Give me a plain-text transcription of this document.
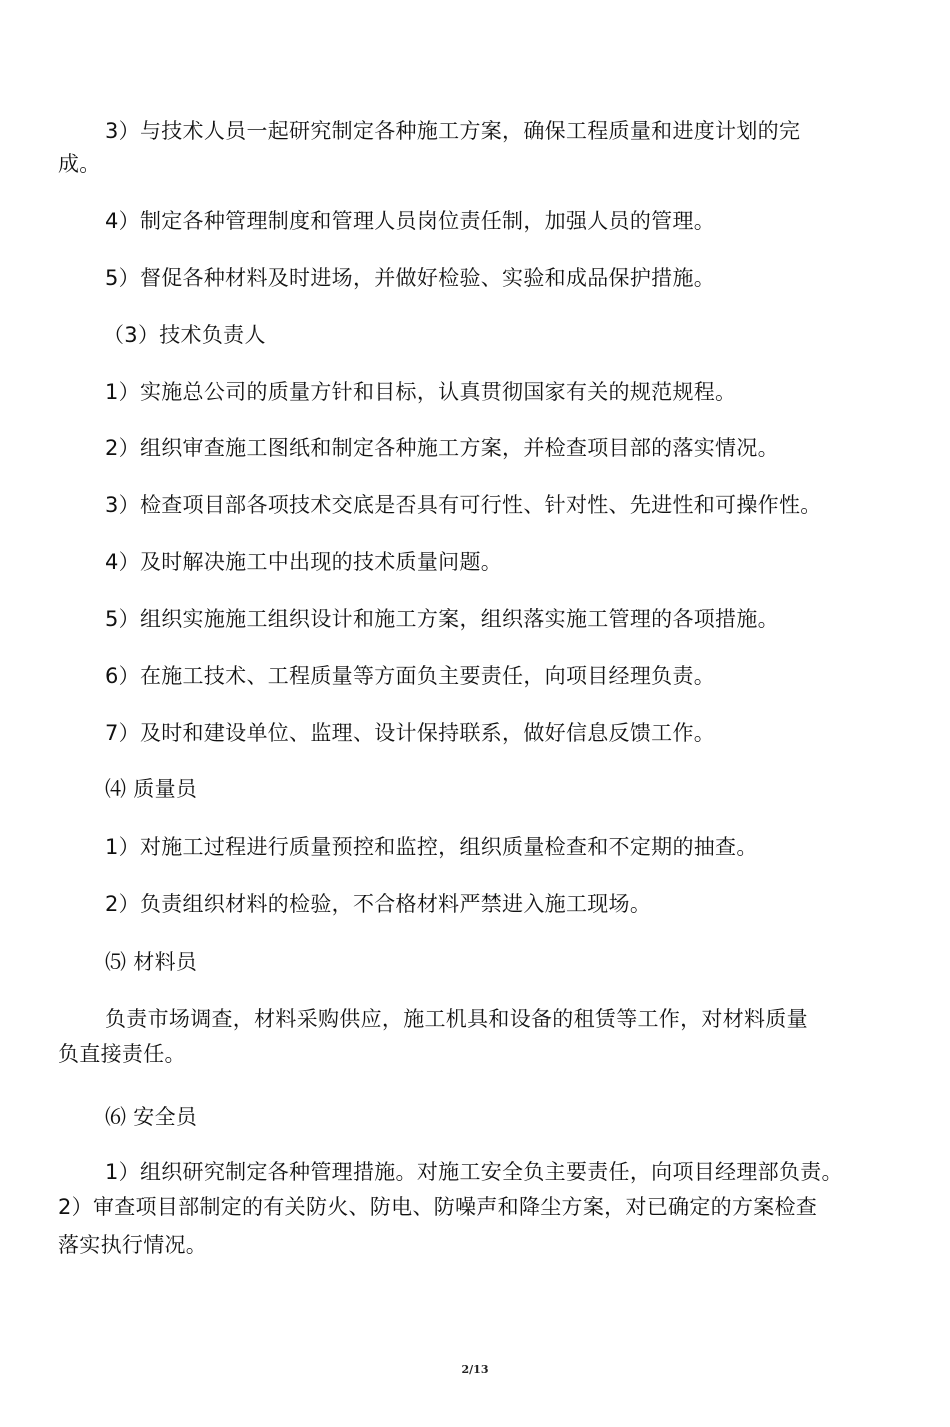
3）与技术人员一起研究制定各种施工方案，确保工程质量和进度计划的完
成。
4）制定各种管理制度和管理人员岗位责任制，加强人员的管理。
5）督促各种材料及时进场，并做好检验、实验和成品保护措施。
（3）技术负责人
1）实施总公司的质量方针和目标，认真贯彻国家有关的规范规程。
2）组织审查施工图纸和制定各种施工方案，并检查项目部的落实情况。
3）检查项目部各项技术交底是否具有可行性、针对性、先进性和可操作性。
4）及时解决施工中出现的技术质量问题。
5）组织实施施工组织设计和施工方案，组织落实施工管理的各项措施。
6）在施工技术、工程质量等方面负主要责任，向项目经理负责。
7）及时和建设单位、监理、设计保持联系，做好信息反馈工作。
⑷ 质量员
1）对施工过程进行质量预控和监控，组织质量检查和不定期的抽查。
2）负责组织材料的检验，不合格材料严禁进入施工现场。
⑸ 材料员
负责市场调查，材料采购供应，施工机具和设备的租赁等工作，对材料质量
负直接责任。
⑹ 安全员
1）组织研究制定各种管理措施。对施工安全负主要责任，向项目经理部负责。
2）审查项目部制定的有关防火、防电、防噪声和降尘方案，对已确定的方案检查
落实执行情况。
2/13
